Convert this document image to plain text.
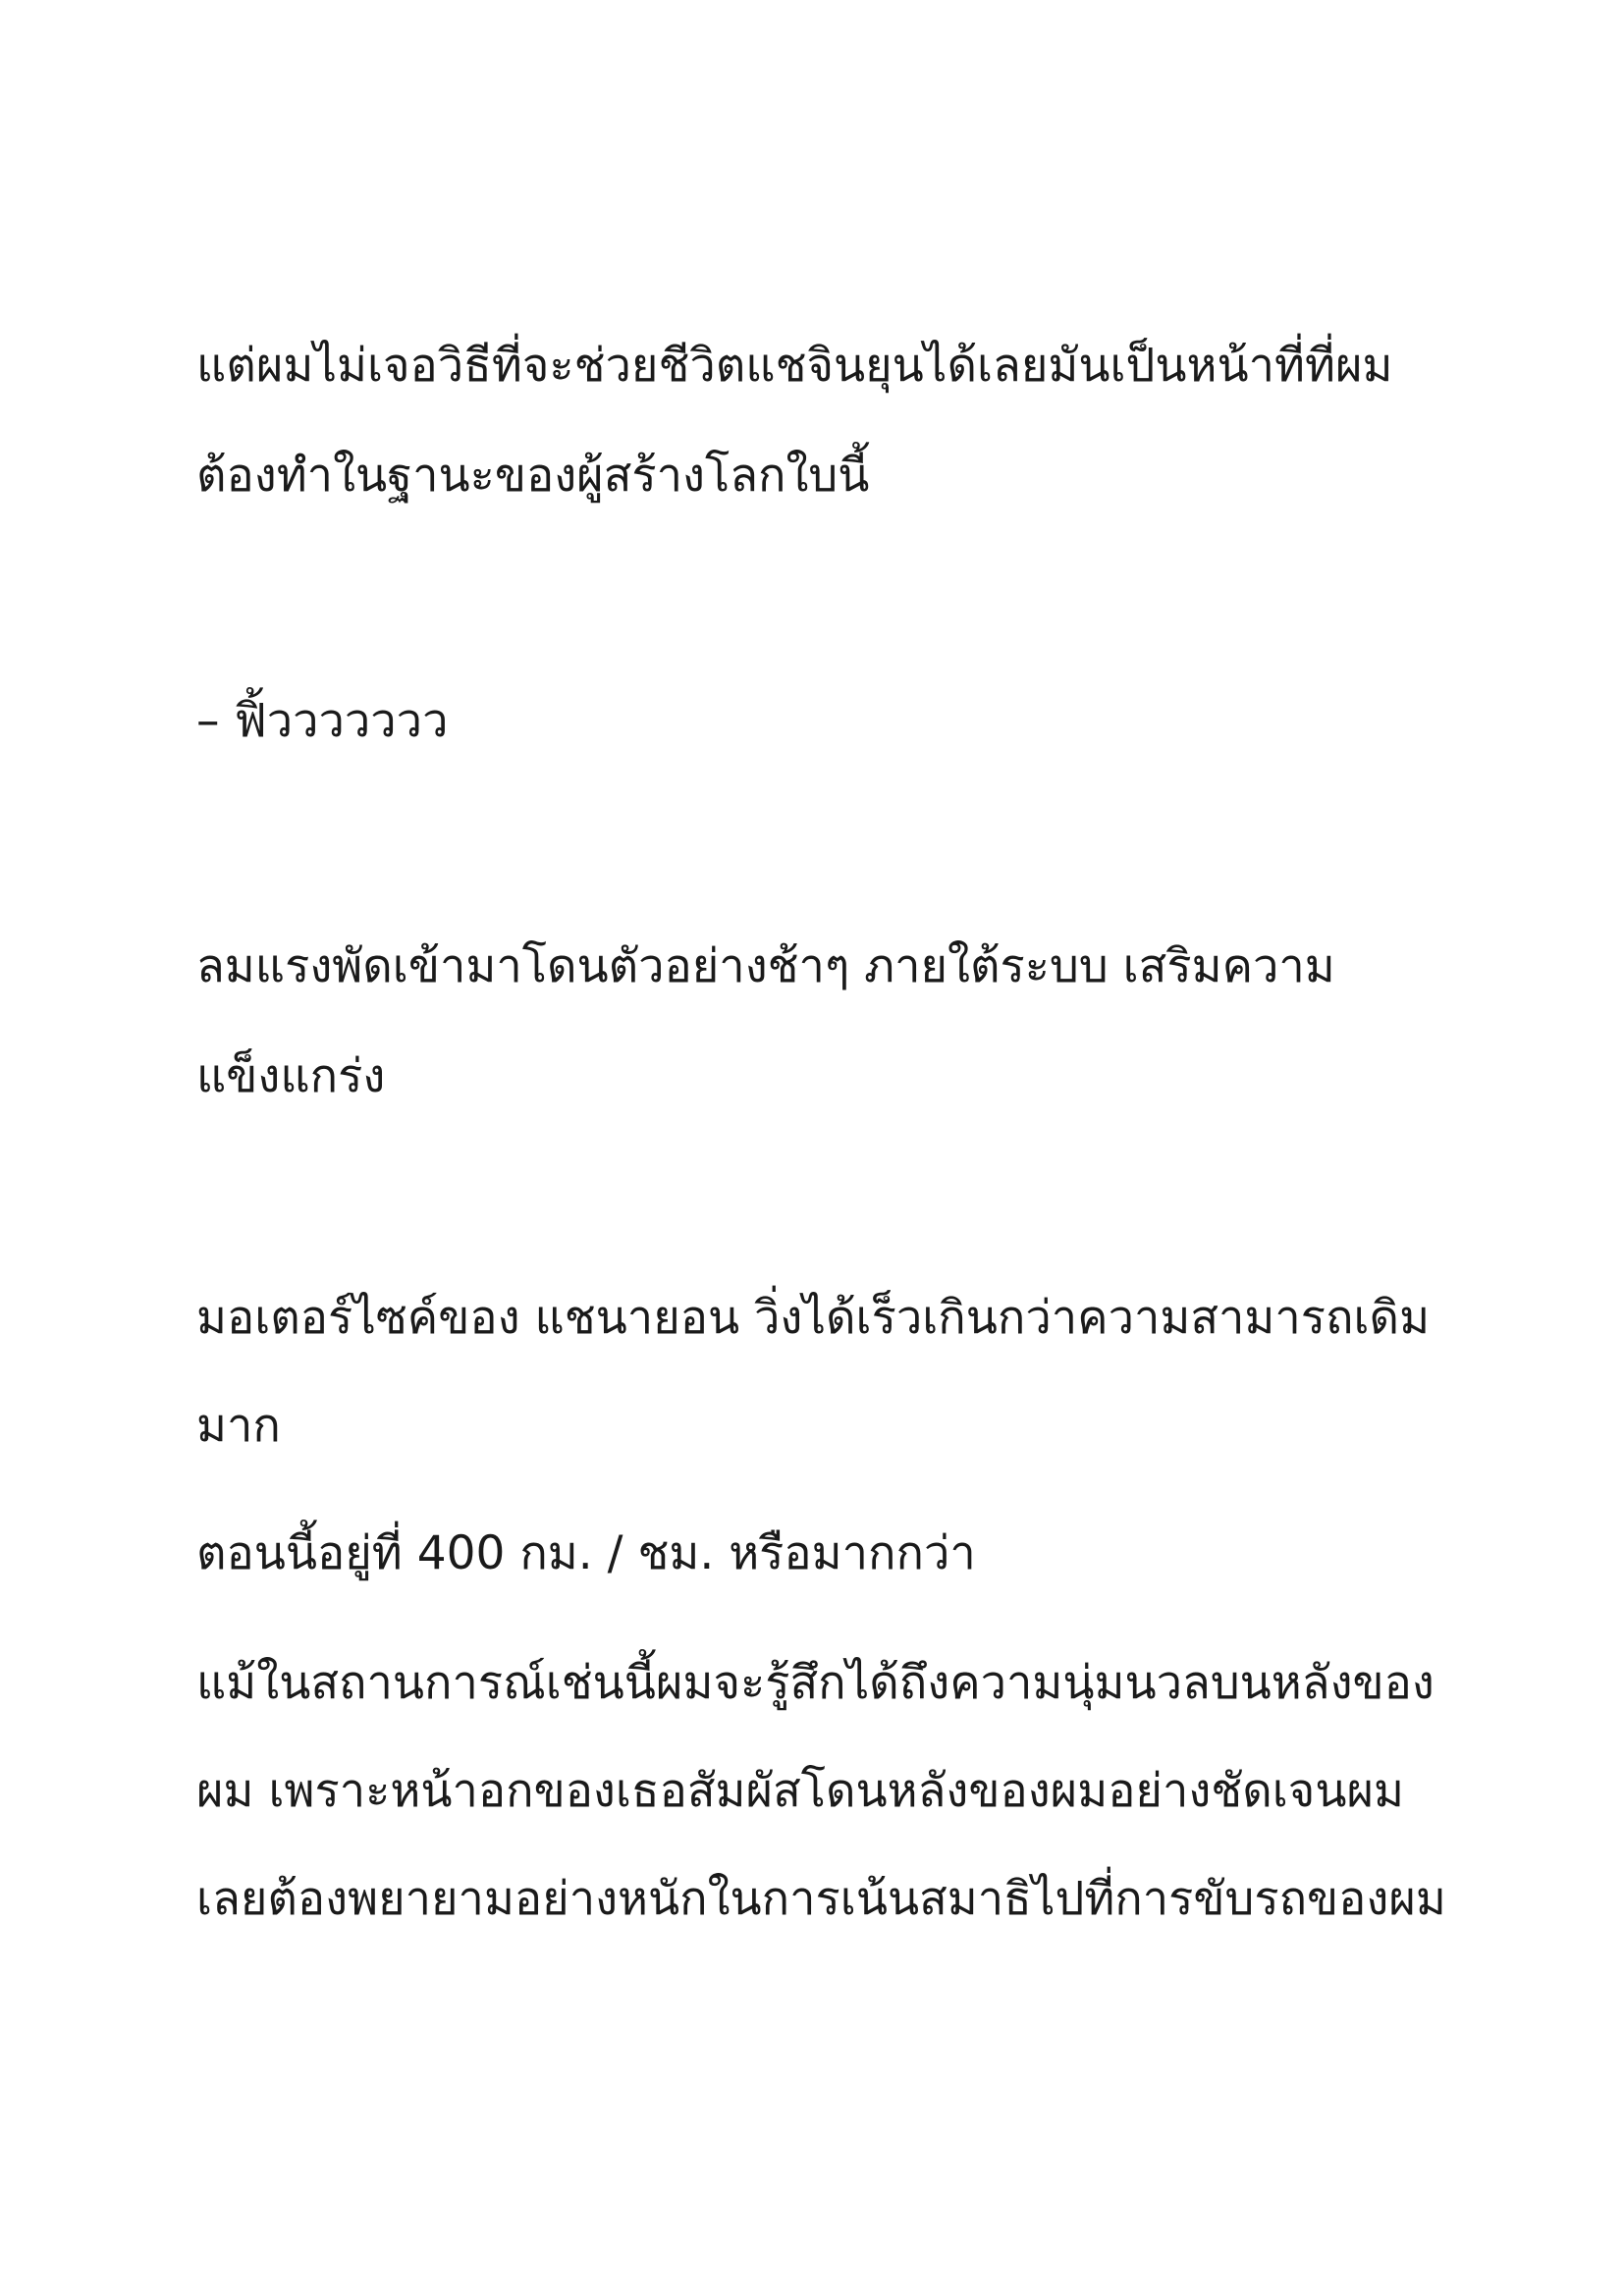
แต่ผมไม่เจอวิธีที่จะช่วยชีวิตแชจินยุนได้เลยมันเป็นหน้าที่ที่ผม

ต้องทำในฐานะของผู้สร้างโลกใบนี้

– ฟิ้ววววววว

ลมแรงพัดเข้ามาโดนตัวอย่างช้าๆ ภายใต้ระบบ เสริมความ

แข็งแกร่ง

มอเตอร์ไซค์ของ แชนายอน วิ่งได้เร็วเกินกว่าความสามารถเดิม

มาก

ตอนนี้อยู่ที่ 400 กม. / ชม. หรือมากกว่า

แม้ในสถานการณ์เช่นนี้ผมจะรู้สึกได้ถึงความนุ่มนวลบนหลังของ

ผม เพราะหน้าอกของเธอสัมผัสโดนหลังของผมอย่างชัดเจนผม

เลยต้องพยายามอย่างหนักในการเน้นสมาธิไปที่การขับรถของผม
